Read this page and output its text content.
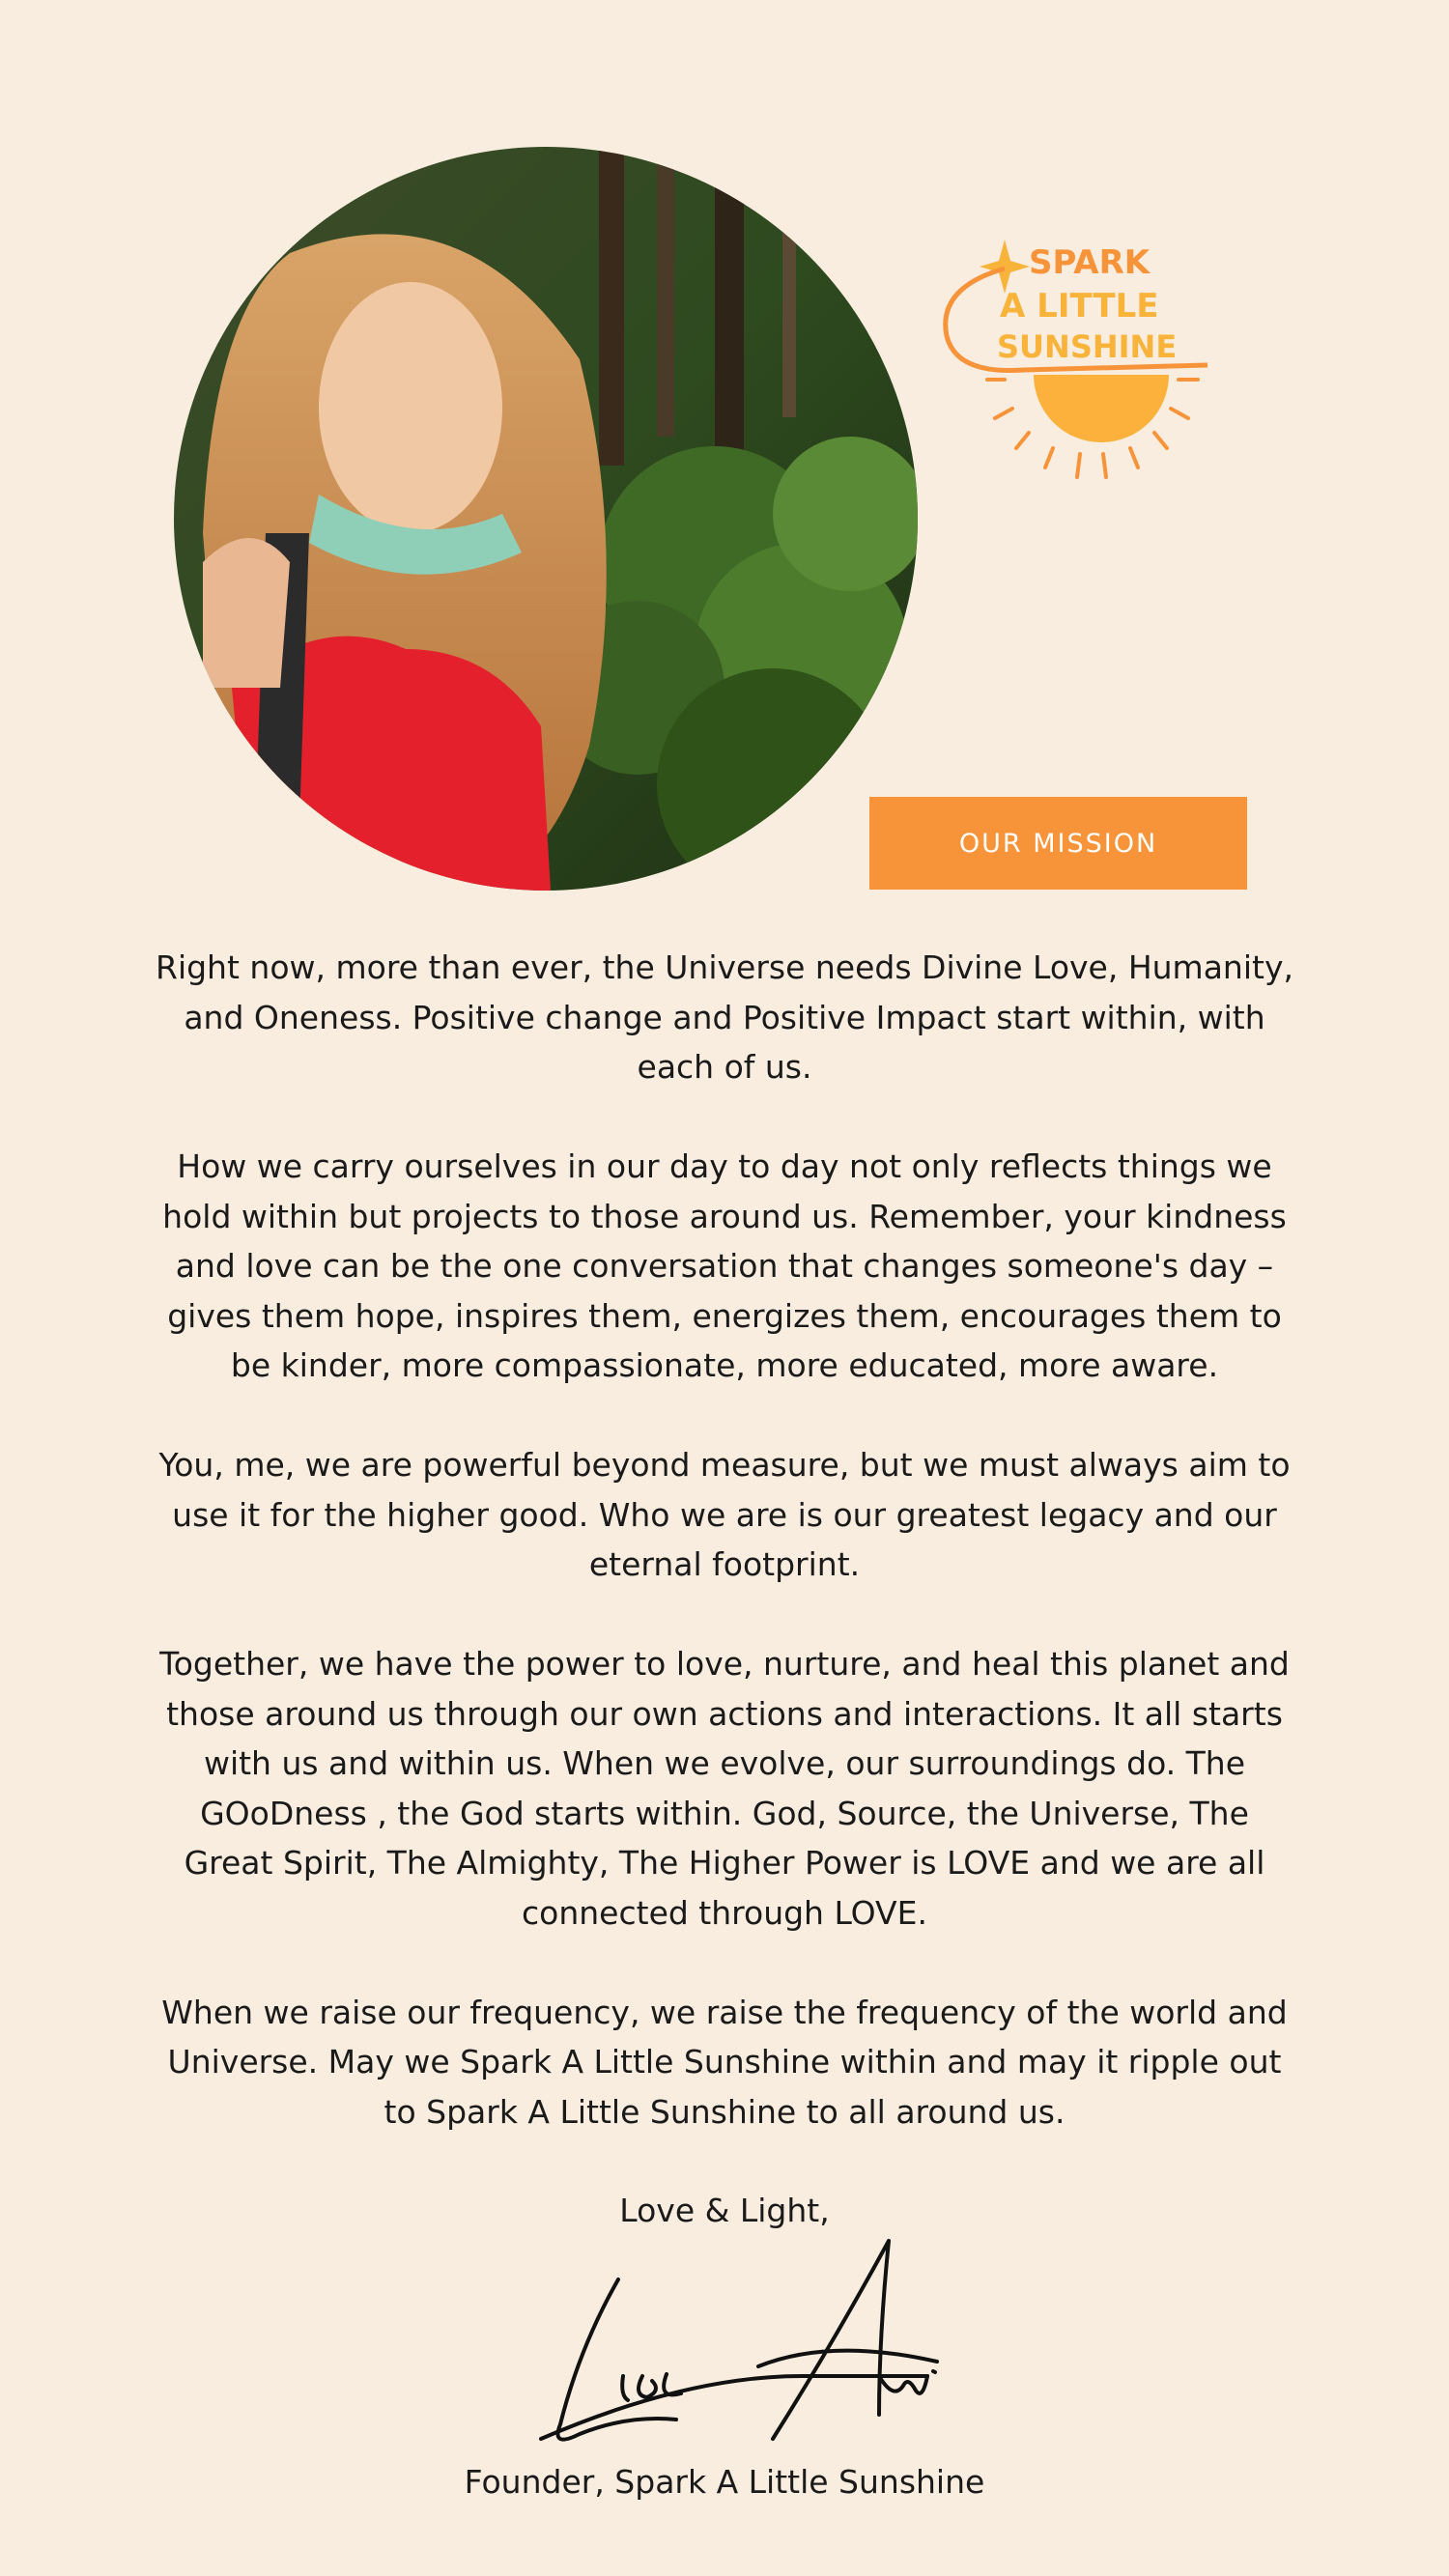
SPARK
A LITTLE
SUNSHINE
OUR MISSION

Right now, more than ever, the Universe needs Divine Love, Humanity, and Oneness. Positive change and Positive Impact start within, with each of us.

How we carry ourselves in our day to day not only reflects things we hold within but projects to those around us. Remember, your kindness and love can be the one conversation that changes someone's day – gives them hope, inspires them, energizes them, encourages them to be kinder, more compassionate, more educated, more aware.

You, me, we are powerful beyond measure, but we must always aim to use it for the higher good. Who we are is our greatest legacy and our eternal footprint.

Together, we have the power to love, nurture, and heal this planet and those around us through our own actions and interactions. It all starts with us and within us. When we evolve, our surroundings do. The GOoDness , the God starts within. God, Source, the Universe, The Great Spirit, The Almighty, The Higher Power is LOVE and we are all connected through LOVE.

When we raise our frequency, we raise the frequency of the world and Universe. May we Spark A Little Sunshine within and may it ripple out to Spark A Little Sunshine to all around us.

Love & Light,
Founder, Spark A Little Sunshine
